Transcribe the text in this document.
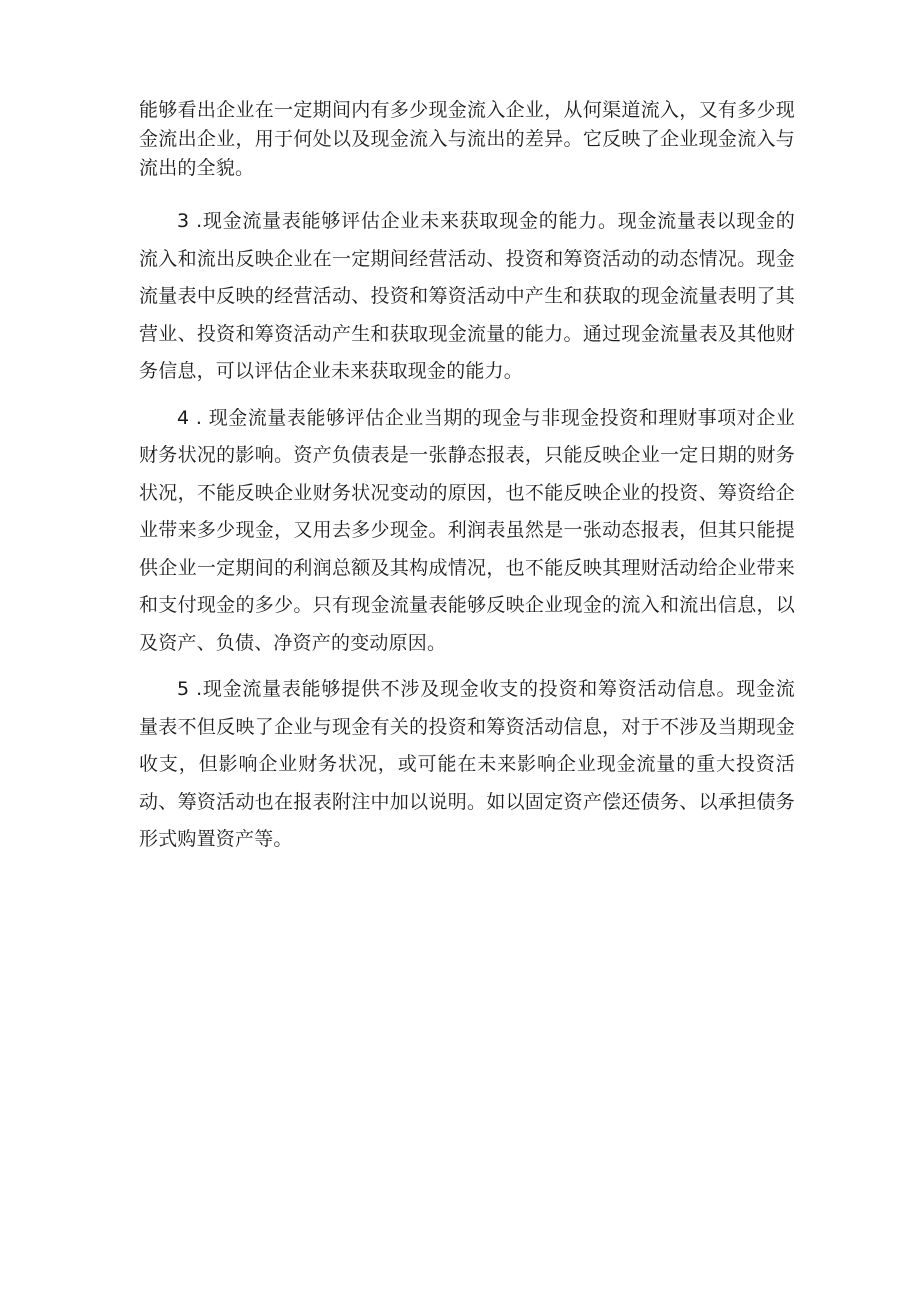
能够看出企业在一定期间内有多少现金流入企业，从何渠道流入，又有多少现金流出企业，用于何处以及现金流入与流出的差异。它反映了企业现金流入与流出的全貌。

3 .现金流量表能够评估企业未来获取现金的能力。现金流量表以现金的流入和流出反映企业在一定期间经营活动、投资和筹资活动的动态情况。现金流量表中反映的经营活动、投资和筹资活动中产生和获取的现金流量表明了其营业、投资和筹资活动产生和获取现金流量的能力。通过现金流量表及其他财务信息，可以评估企业未来获取现金的能力。

4 . 现金流量表能够评估企业当期的现金与非现金投资和理财事项对企业财务状况的影响。资产负债表是一张静态报表，只能反映企业一定日期的财务状况，不能反映企业财务状况变动的原因，也不能反映企业的投资、筹资给企业带来多少现金，又用去多少现金。利润表虽然是一张动态报表，但其只能提供企业一定期间的利润总额及其构成情况，也不能反映其理财活动给企业带来和支付现金的多少。只有现金流量表能够反映企业现金的流入和流出信息，以及资产、负债、净资产的变动原因。

5 .现金流量表能够提供不涉及现金收支的投资和筹资活动信息。现金流量表不但反映了企业与现金有关的投资和筹资活动信息，对于不涉及当期现金收支，但影响企业财务状况，或可能在未来影响企业现金流量的重大投资活动、筹资活动也在报表附注中加以说明。如以固定资产偿还债务、以承担债务形式购置资产等。
